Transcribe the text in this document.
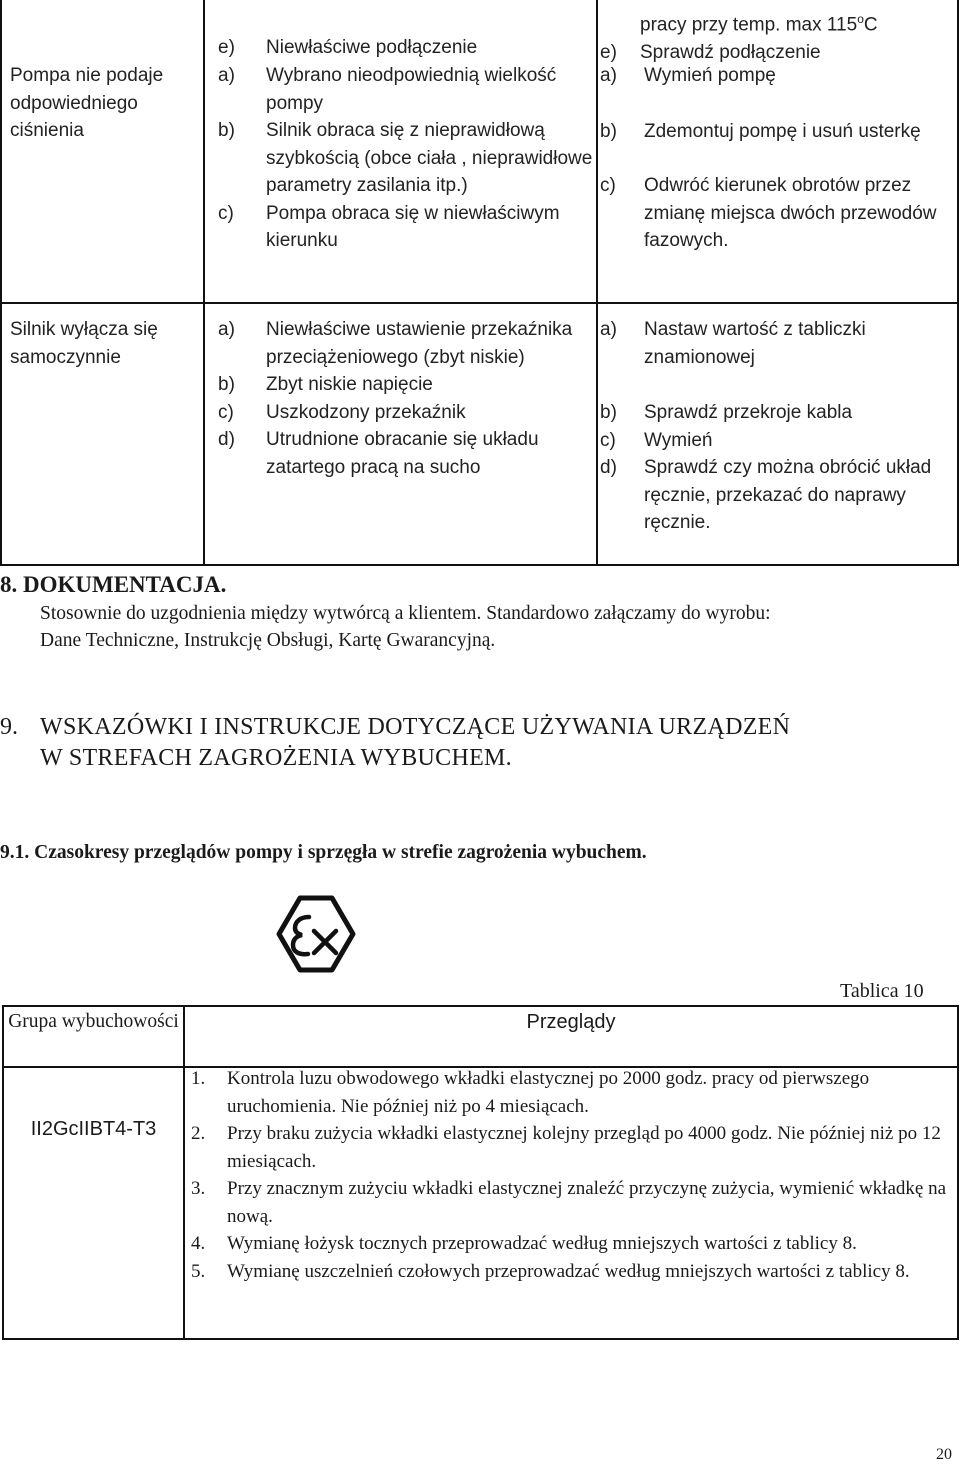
e) Niewłaściwe podłączenie
pracy przy temp. max 115$^o$C
e) Sprawdź podłączenie
Pompa nie podaje odpowiedniego ciśnienia
a) Wybrano nieodpowiednią wielkość pompy
b) Silnik obraca się z nieprawidłową szybkością (obce ciała , nieprawidłowe parametry zasilania itp.)
c) Pompa obraca się w niewłaściwym kierunku
a) Wymień pompę
b) Zdemontuj pompę i usuń usterkę
c) Odwróć kierunek obrotów przez zmianę miejsca dwóch przewodów fazowych.
Silnik wyłącza się samoczynnie
a) Niewłaściwe ustawienie przekaźnika przeciążeniowego (zbyt niskie)
b) Zbyt niskie napięcie
c) Uszkodzony przekaźnik
d) Utrudnione obracanie się układu zatartego pracą na sucho
a) Nastaw wartość z tabliczki znamionowej
b) Sprawdź przekroje kabla
c) Wymień
d) Sprawdź czy można obrócić układ ręcznie, przekazać do naprawy ręcznie.
8. DOKUMENTACJA.
Stosownie do uzgodnienia między wytwórcą a klientem. Standardowo załączamy do wyrobu:
Dane Techniczne, Instrukcję Obsługi, Kartę Gwarancyjną.
9. WSKAZÓWKI I INSTRUKCJE DOTYCZĄCE UŻYWANIA URZĄDZEŃ
W STREFACH ZAGROŻENIA WYBUCHEM.
9.1. Czasokresy przeglądów pompy i sprzęgła w strefie zagrożenia wybuchem.
Tablica 10
Grupa wybuchowości	Przeglądy
II2GcIIBT4-T3
1. Kontrola luzu obwodowego wkładki elastycznej po 2000 godz. pracy od pierwszego uruchomienia. Nie później niż po 4 miesiącach.
2. Przy braku zużycia wkładki elastycznej kolejny przegląd po 4000 godz. Nie później niż po 12 miesiącach.
3. Przy znacznym zużyciu wkładki elastycznej znaleźć przyczynę zużycia, wymienić wkładkę na nową.
4. Wymianę łożysk tocznych przeprowadzać według mniejszych wartości z tablicy 8.
5. Wymianę uszczelnień czołowych przeprowadzać według mniejszych wartości z tablicy 8.
20
